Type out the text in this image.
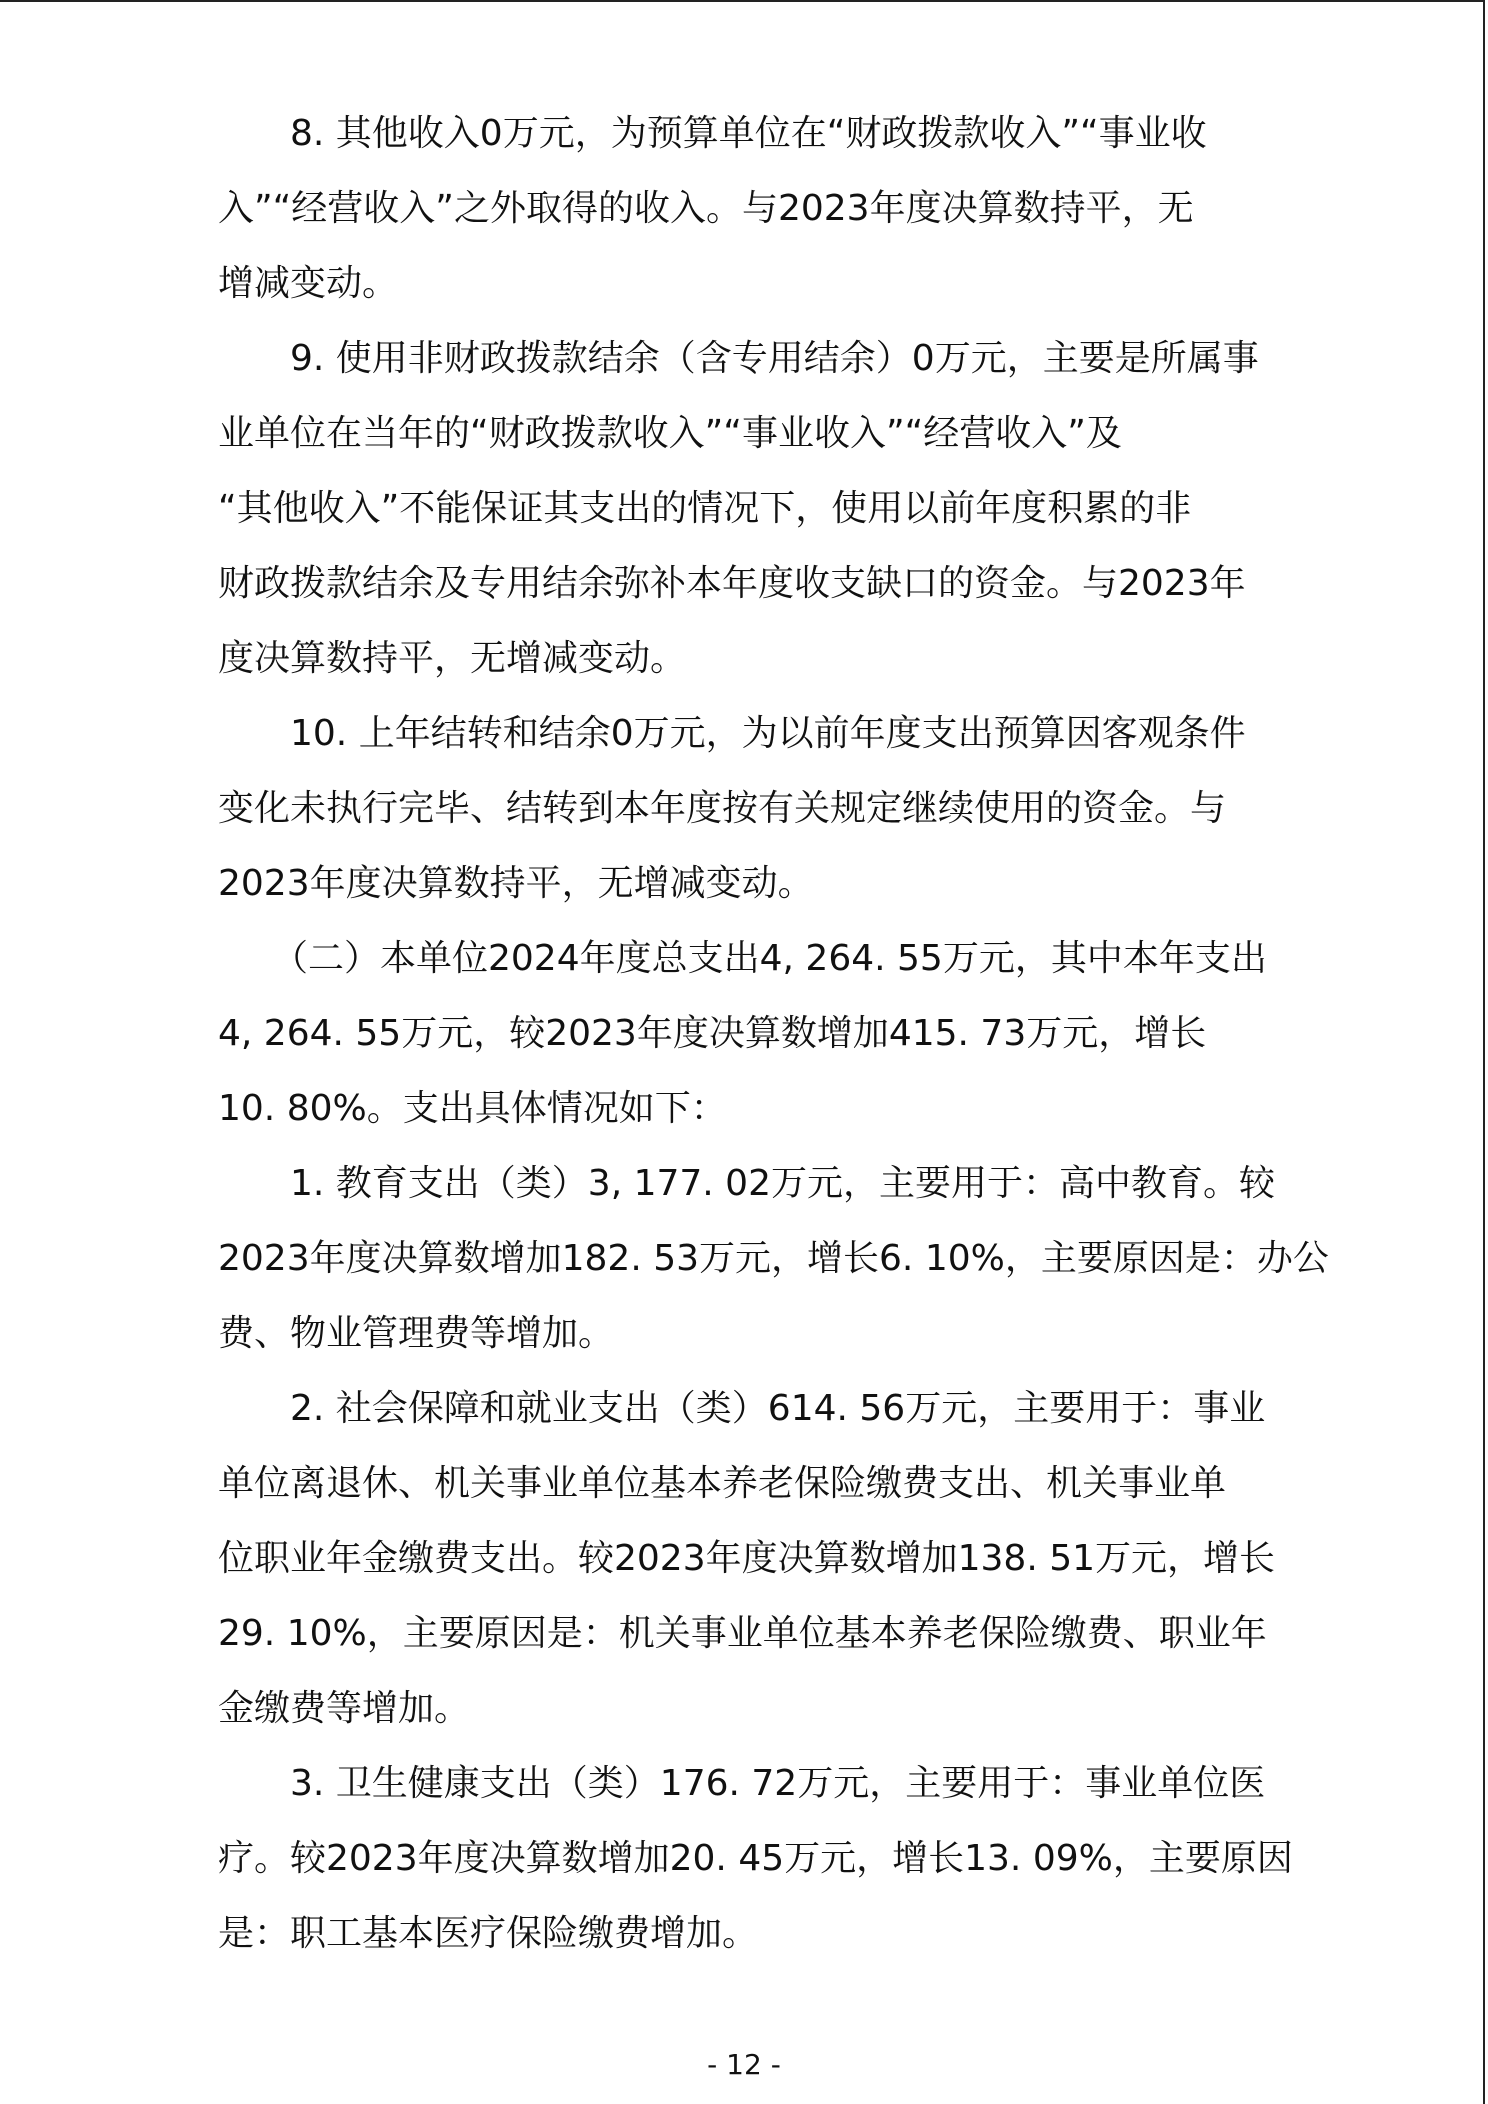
　　8. 其他收入0万元，为预算单位在“财政拨款收入”“事业收
入”“经营收入”之外取得的收入。与2023年度决算数持平，无
增减变动。

　　9. 使用非财政拨款结余（含专用结余）0万元，主要是所属事
业单位在当年的“财政拨款收入”“事业收入”“经营收入”及
“其他收入”不能保证其支出的情况下，使用以前年度积累的非
财政拨款结余及专用结余弥补本年度收支缺口的资金。与2023年
度决算数持平，无增减变动。

　　10. 上年结转和结余0万元，为以前年度支出预算因客观条件
变化未执行完毕、结转到本年度按有关规定继续使用的资金。与
2023年度决算数持平，无增减变动。

　　（二）本单位2024年度总支出4, 264. 55万元，其中本年支出
4, 264. 55万元，较2023年度决算数增加415. 73万元，增长
10. 80%。支出具体情况如下：

　　1. 教育支出（类）3, 177. 02万元，主要用于：高中教育。较
2023年度决算数增加182. 53万元，增长6. 10%，主要原因是：办公
费、物业管理费等增加。

　　2. 社会保障和就业支出（类）614. 56万元，主要用于：事业
单位离退休、机关事业单位基本养老保险缴费支出、机关事业单
位职业年金缴费支出。较2023年度决算数增加138. 51万元，增长
29. 10%，主要原因是：机关事业单位基本养老保险缴费、职业年
金缴费等增加。

　　3. 卫生健康支出（类）176. 72万元，主要用于：事业单位医
疗。较2023年度决算数增加20. 45万元，增长13. 09%，主要原因
是：职工基本医疗保险缴费增加。

- 12 -
